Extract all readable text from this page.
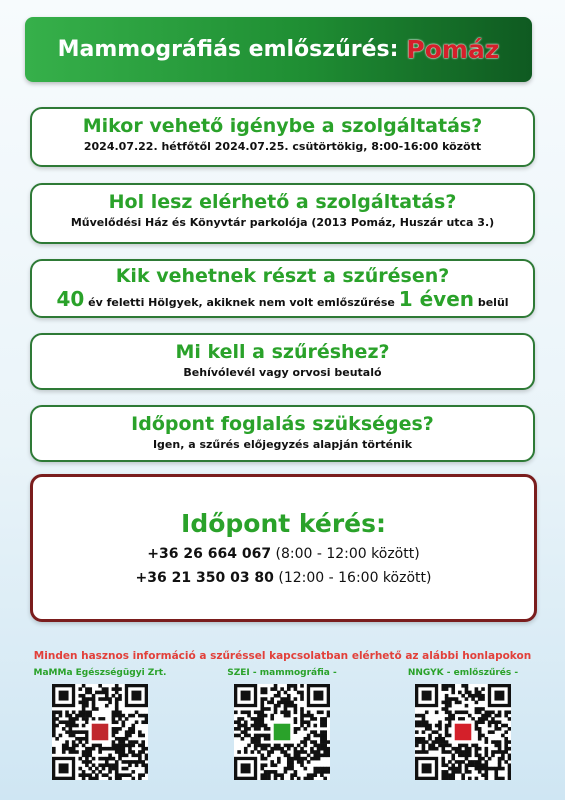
Mammográfiás emlőszűrés: Pomáz
Mikor vehető igénybe a szolgáltatás?
2024.07.22. hétfőtől 2024.07.25. csütörtökig, 8:00-16:00 között
Hol lesz elérhető a szolgáltatás?
Művelődési Ház és Könyvtár parkolója (2013 Pomáz, Huszár utca 3.)
Kik vehetnek részt a szűrésen?
40 év feletti Hölgyek, akiknek nem volt emlőszűrése 1 éven belül
Mi kell a szűréshez?
Behívólevél vagy orvosi beutaló
Időpont foglalás szükséges?
Igen, a szűrés előjegyzés alapján történik
Időpont kérés:
+36 26 664 067 (8:00 - 12:00 között)
+36 21 350 03 80 (12:00 - 16:00 között)
Minden hasznos információ a szűréssel kapcsolatban elérhető az alábbi honlapokon
MaMMa Egészségügyi Zrt.	SZEI - mammográfia -	NNGYK - emlőszűrés -
